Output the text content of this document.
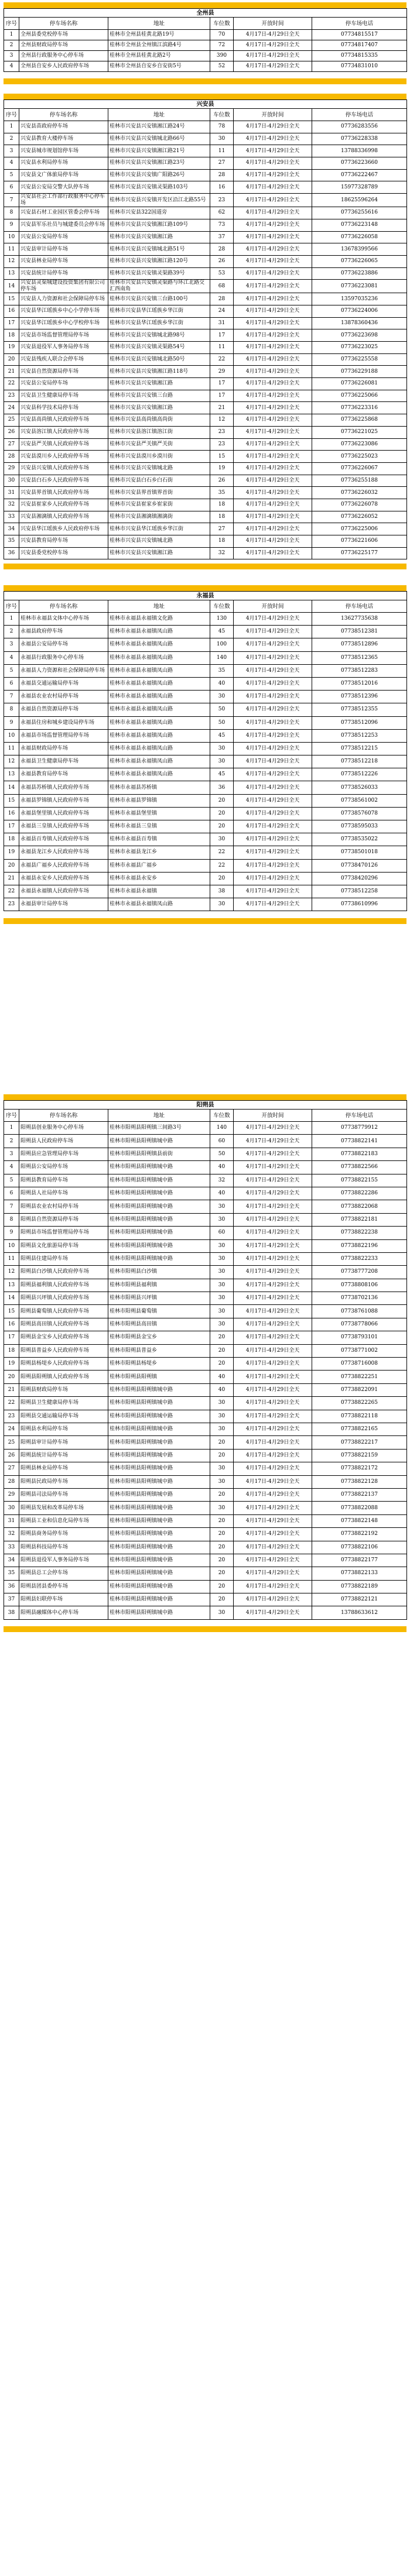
全州县					
序号	停车场名称	地址	车位数	开放时间	停车场电话
1	全州县委党校停车场	桂林市全州县桂黄北路19号	70	4月17日-4月29日全天	07734815517
2	全州县财政局停车场	桂林市全州县全州镇江滨路4号	72	4月17日-4月29日全天	07734817407
3	全州县行政服务中心停车场	桂林市全州县桂黄北路2号	390	4月17日-4月29日全天	07734815335
4	全州县自安乡人民政府停车场	桂林市全州县自安乡自安街5号	52	4月17日-4月29日全天	07734831010
兴安县					
序号	停车场名称	地址	车位数	开放时间	停车场电话
1	兴安县苗政府停车场	桂林市兴安县兴安镇湘江路24号	78	4月17日-4月29日全天	07736283556
2	兴安县教育大楼停车场	桂林市兴安县兴安镇城北路66号	30	4月17日-4月29日全天	07736228338
3	兴安县城市规划馆停车场	桂林市兴安县兴安镇湘江路21号	11	4月17日-4月29日全天	13788336998
4	兴安县水利局停车场	桂林市兴安县兴安镇湘江路23号	27	4月17日-4月29日全天	07736223660
5	兴安县文广体旅局停车场	桂林市兴安县兴安镇广阳路26号	28	4月17日-4月29日全天	07736222467
6	兴安县公安局交警大队停车场	桂林市兴安县兴安镇灵渠路103号	16	4月17日-4月29日全天	15977328789
7	兴安县社会工作部行政服务中心停车场	桂林市兴安县兴安镇开发区沿江北路55号	23	4月17日-4月29日全天	18625596264
8	兴安县石材工业园区管委会停车场	桂林市兴安县322国道旁	62	4月17日-4月29日全天	07736255616
9	兴安县军乐社员与城建委员会停车场	桂林市兴安县兴安镇湘江路109号	73	4月17日-4月29日全天	07736223148
10	兴安县公安局停车场	桂林市兴安县兴安镇湘江路	37	4月17日-4月29日全天	07736226058
11	兴安县审计局停车场	桂林市兴安县兴安镇城北路51号	28	4月17日-4月29日全天	13678399566
12	兴安县林业局停车场	桂林市兴安县兴安镇湘江路120号	26	4月17日-4月29日全天	07736226065
13	兴安县统计局停车场	桂林市兴安县兴安镇灵渠路39号	53	4月17日-4月29日全天	07736223886
14	兴安县灵渠城建设投资集团有限公司停车场	桂林市兴安县兴安镇灵渠路与环江北路交汇西南角	68	4月17日-4月29日全天	07736223081
15	兴安县人力资源和社会保障局停车场	桂林市兴安县兴安镇三台路100号	28	4月17日-4月29日全天	13597035236
16	兴安县华江瑶族乡中心小学停车场	桂林市兴安县华江瑶族乡华江街	24	4月17日-4月29日全天	07736224006
17	兴安县华江瑶族乡中心学校停车场	桂林市兴安县华江瑶族乡华江街	31	4月17日-4月29日全天	13878360436
18	兴安县市场监督管理局停车场	桂林市兴安县兴安镇城北路98号	17	4月17日-4月29日全天	07736223698
19	兴安县退役军人事务局停车场	桂林市兴安县兴安镇灵渠路54号	11	4月17日-4月29日全天	07736223025
20	兴安县残疾人联合会停车场	桂林市兴安县兴安镇城北路50号	22	4月17日-4月29日全天	07736225558
21	兴安县自然资源局停车场	桂林市兴安县兴安镇湘江路118号	29	4月17日-4月29日全天	07736229188
22	兴安县公安局停车场	桂林市兴安县兴安镇湘江路	17	4月17日-4月29日全天	07736226081
23	兴安县卫生健康局停车场	桂林市兴安县兴安镇三台路	17	4月17日-4月29日全天	07736225066
24	兴安县科学技术局停车场	桂林市兴安县兴安镇湘江路	21	4月17日-4月29日全天	07736223316
25	兴安县高尚镇人民政府停车场	桂林市兴安县高尚镇高尚街	12	4月17日-4月29日全天	07736225868
26	兴安县溶江镇人民政府停车场	桂林市兴安县溶江镇溶江街	23	4月17日-4月29日全天	07736221025
27	兴安县严关镇人民政府停车场	桂林市兴安县严关镇严关街	23	4月17日-4月29日全天	07736223086
28	兴安县漠川乡人民政府停车场	桂林市兴安县漠川乡漠川街	15	4月17日-4月29日全天	07736225023
29	兴安县兴安镇人民政府停车场	桂林市兴安县兴安镇城北路	19	4月17日-4月29日全天	07736226067
30	兴安县白石乡人民政府停车场	桂林市兴安县白石乡白石街	26	4月17日-4月29日全天	07736255188
31	兴安县界首镇人民政府停车场	桂林市兴安县界首镇界首街	35	4月17日-4月29日全天	07736226032
32	兴安县崔家乡人民政府停车场	桂林市兴安县崔家乡崔家街	18	4月17日-4月29日全天	07736226078
33	兴安县湘漓镇人民政府停车场	桂林市兴安县湘漓镇湘漓街	18	4月17日-4月29日全天	07736226052
34	兴安县华江瑶族乡人民政府停车场	桂林市兴安县华江瑶族乡华江街	27	4月17日-4月29日全天	07736225006
35	兴安县教育局停车场	桂林市兴安县兴安镇城北路	18	4月17日-4月29日全天	07736221606
36	兴安县委党校停车场	桂林市兴安县兴安镇湘江路	32	4月17日-4月29日全天	07736225177
永福县					
序号	停车场名称	地址	车位数	开放时间	停车场电话
1	桂林市永福县文体中心停车场	桂林市永福县永福镇文化路	130	4月17日-4月29日全天	13627735638
2	永福县政府停车场	桂林市永福县永福镇凤山路	45	4月17日-4月29日全天	07738512381
3	永福县公安局停车场	桂林市永福县永福镇凤山路	100	4月17日-4月29日全天	07738512896
4	永福县行政服务中心停车场	桂林市永福县永福镇凤山路	140	4月17日-4月29日全天	07738512365
5	永福县人力资源和社会保障局停车场	桂林市永福县永福镇凤山路	35	4月17日-4月29日全天	07738512283
6	永福县交通运输局停车场	桂林市永福县永福镇凤山路	40	4月17日-4月29日全天	07738512016
7	永福县农业农村局停车场	桂林市永福县永福镇凤山路	30	4月17日-4月29日全天	07738512396
8	永福县自然资源局停车场	桂林市永福县永福镇凤山路	50	4月17日-4月29日全天	07738512355
9	永福县住房和城乡建设局停车场	桂林市永福县永福镇凤山路	50	4月17日-4月29日全天	07738512096
10	永福县市场监督管理局停车场	桂林市永福县永福镇凤山路	45	4月17日-4月29日全天	07738512253
11	永福县财政局停车场	桂林市永福县永福镇凤山路	30	4月17日-4月29日全天	07738512215
12	永福县卫生健康局停车场	桂林市永福县永福镇凤山路	30	4月17日-4月29日全天	07738512218
13	永福县教育局停车场	桂林市永福县永福镇凤山路	45	4月17日-4月29日全天	07738512226
14	永福县苏桥镇人民政府停车场	桂林市永福县苏桥镇	36	4月17日-4月29日全天	07738526033
15	永福县罗锦镇人民政府停车场	桂林市永福县罗锦镇	20	4月17日-4月29日全天	07738561002
16	永福县堡里镇人民政府停车场	桂林市永福县堡里镇	20	4月17日-4月29日全天	07738576078
17	永福县三皇镇人民政府停车场	桂林市永福县三皇镇	20	4月17日-4月29日全天	07738595033
18	永福县百寿镇人民政府停车场	桂林市永福县百寿镇	30	4月17日-4月29日全天	07738535022
19	永福县龙江乡人民政府停车场	桂林市永福县龙江乡	22	4月17日-4月29日全天	07738501018
20	永福县广福乡人民政府停车场	桂林市永福县广福乡	22	4月17日-4月29日全天	07738470126
21	永福县永安乡人民政府停车场	桂林市永福县永安乡	20	4月17日-4月29日全天	07738420296
22	永福县永福镇人民政府停车场	桂林市永福县永福镇	38	4月17日-4月29日全天	07738512258
23	永福县审计局停车场	桂林市永福县永福镇凤山路	30	4月17日-4月29日全天	07738610996
阳朔县					
序号	停车场名称	地址	车位数	开放时间	停车场电话
1	阳朔县创业服务中心停车场	桂林市阳朔县阳朔镇三间路3号	140	4月17日-4月29日全天	07738779912
2	阳朔县人民政府停车场	桂林市阳朔县阳朔镇城中路	60	4月17日-4月29日全天	07738822141
3	阳朔县应急管理局停车场	桂林市阳朔县阳朔镇县前街	50	4月17日-4月29日全天	07738822183
4	阳朔县公安局停车场	桂林市阳朔县阳朔镇城中路	40	4月17日-4月29日全天	07738822566
5	阳朔县教育局停车场	桂林市阳朔县阳朔镇城中路	32	4月17日-4月29日全天	07738822155
6	阳朔县人社局停车场	桂林市阳朔县阳朔镇城中路	40	4月17日-4月29日全天	07738822286
7	阳朔县农业农村局停车场	桂林市阳朔县阳朔镇城中路	30	4月17日-4月29日全天	07738822068
8	阳朔县自然资源局停车场	桂林市阳朔县阳朔镇城中路	30	4月17日-4月29日全天	07738822181
9	阳朔县市场监督管理局停车场	桂林市阳朔县阳朔镇城中路	60	4月17日-4月29日全天	07738822238
10	阳朔县文化旅游局停车场	桂林市阳朔县阳朔镇城中路	30	4月17日-4月29日全天	07738822196
11	阳朔县住建局停车场	桂林市阳朔县阳朔镇城中路	30	4月17日-4月29日全天	07738822233
12	阳朔县白沙镇人民政府停车场	桂林市阳朔县白沙镇	30	4月17日-4月29日全天	07738777208
13	阳朔县福利镇人民政府停车场	桂林市阳朔县福利镇	30	4月17日-4月29日全天	07738808106
14	阳朔县兴坪镇人民政府停车场	桂林市阳朔县兴坪镇	30	4月17日-4月29日全天	07738702136
15	阳朔县葡萄镇人民政府停车场	桂林市阳朔县葡萄镇	30	4月17日-4月29日全天	07738761088
16	阳朔县高田镇人民政府停车场	桂林市阳朔县高田镇	30	4月17日-4月29日全天	07738778066
17	阳朔县金宝乡人民政府停车场	桂林市阳朔县金宝乡	20	4月17日-4月29日全天	07738793101
18	阳朔县普益乡人民政府停车场	桂林市阳朔县普益乡	20	4月17日-4月29日全天	07738771002
19	阳朔县杨堤乡人民政府停车场	桂林市阳朔县杨堤乡	20	4月17日-4月29日全天	07738716008
20	阳朔县阳朔镇人民政府停车场	桂林市阳朔县阳朔镇	40	4月17日-4月29日全天	07738822251
21	阳朔县财政局停车场	桂林市阳朔县阳朔镇城中路	40	4月17日-4月29日全天	07738822091
22	阳朔县卫生健康局停车场	桂林市阳朔县阳朔镇城中路	30	4月17日-4月29日全天	07738822265
23	阳朔县交通运输局停车场	桂林市阳朔县阳朔镇城中路	30	4月17日-4月29日全天	07738822118
24	阳朔县水利局停车场	桂林市阳朔县阳朔镇城中路	30	4月17日-4月29日全天	07738822165
25	阳朔县审计局停车场	桂林市阳朔县阳朔镇城中路	20	4月17日-4月29日全天	07738822217
26	阳朔县统计局停车场	桂林市阳朔县阳朔镇城中路	20	4月17日-4月29日全天	07738822159
27	阳朔县林业局停车场	桂林市阳朔县阳朔镇城中路	30	4月17日-4月29日全天	07738822172
28	阳朔县民政局停车场	桂林市阳朔县阳朔镇城中路	30	4月17日-4月29日全天	07738822128
29	阳朔县司法局停车场	桂林市阳朔县阳朔镇城中路	20	4月17日-4月29日全天	07738822137
30	阳朔县发展和改革局停车场	桂林市阳朔县阳朔镇城中路	30	4月17日-4月29日全天	07738822088
31	阳朔县工业和信息化局停车场	桂林市阳朔县阳朔镇城中路	20	4月17日-4月29日全天	07738822148
32	阳朔县商务局停车场	桂林市阳朔县阳朔镇城中路	20	4月17日-4月29日全天	07738822192
33	阳朔县科技局停车场	桂林市阳朔县阳朔镇城中路	20	4月17日-4月29日全天	07738822106
34	阳朔县退役军人事务局停车场	桂林市阳朔县阳朔镇城中路	20	4月17日-4月29日全天	07738822177
35	阳朔县总工会停车场	桂林市阳朔县阳朔镇城中路	20	4月17日-4月29日全天	07738822133
36	阳朔县团县委停车场	桂林市阳朔县阳朔镇城中路	20	4月17日-4月29日全天	07738822189
37	阳朔县妇联停车场	桂林市阳朔县阳朔镇城中路	20	4月17日-4月29日全天	07738822121
38	阳朔县融媒体中心停车场	桂林市阳朔县阳朔镇城中路	30	4月17日-4月29日全天	13788633612
